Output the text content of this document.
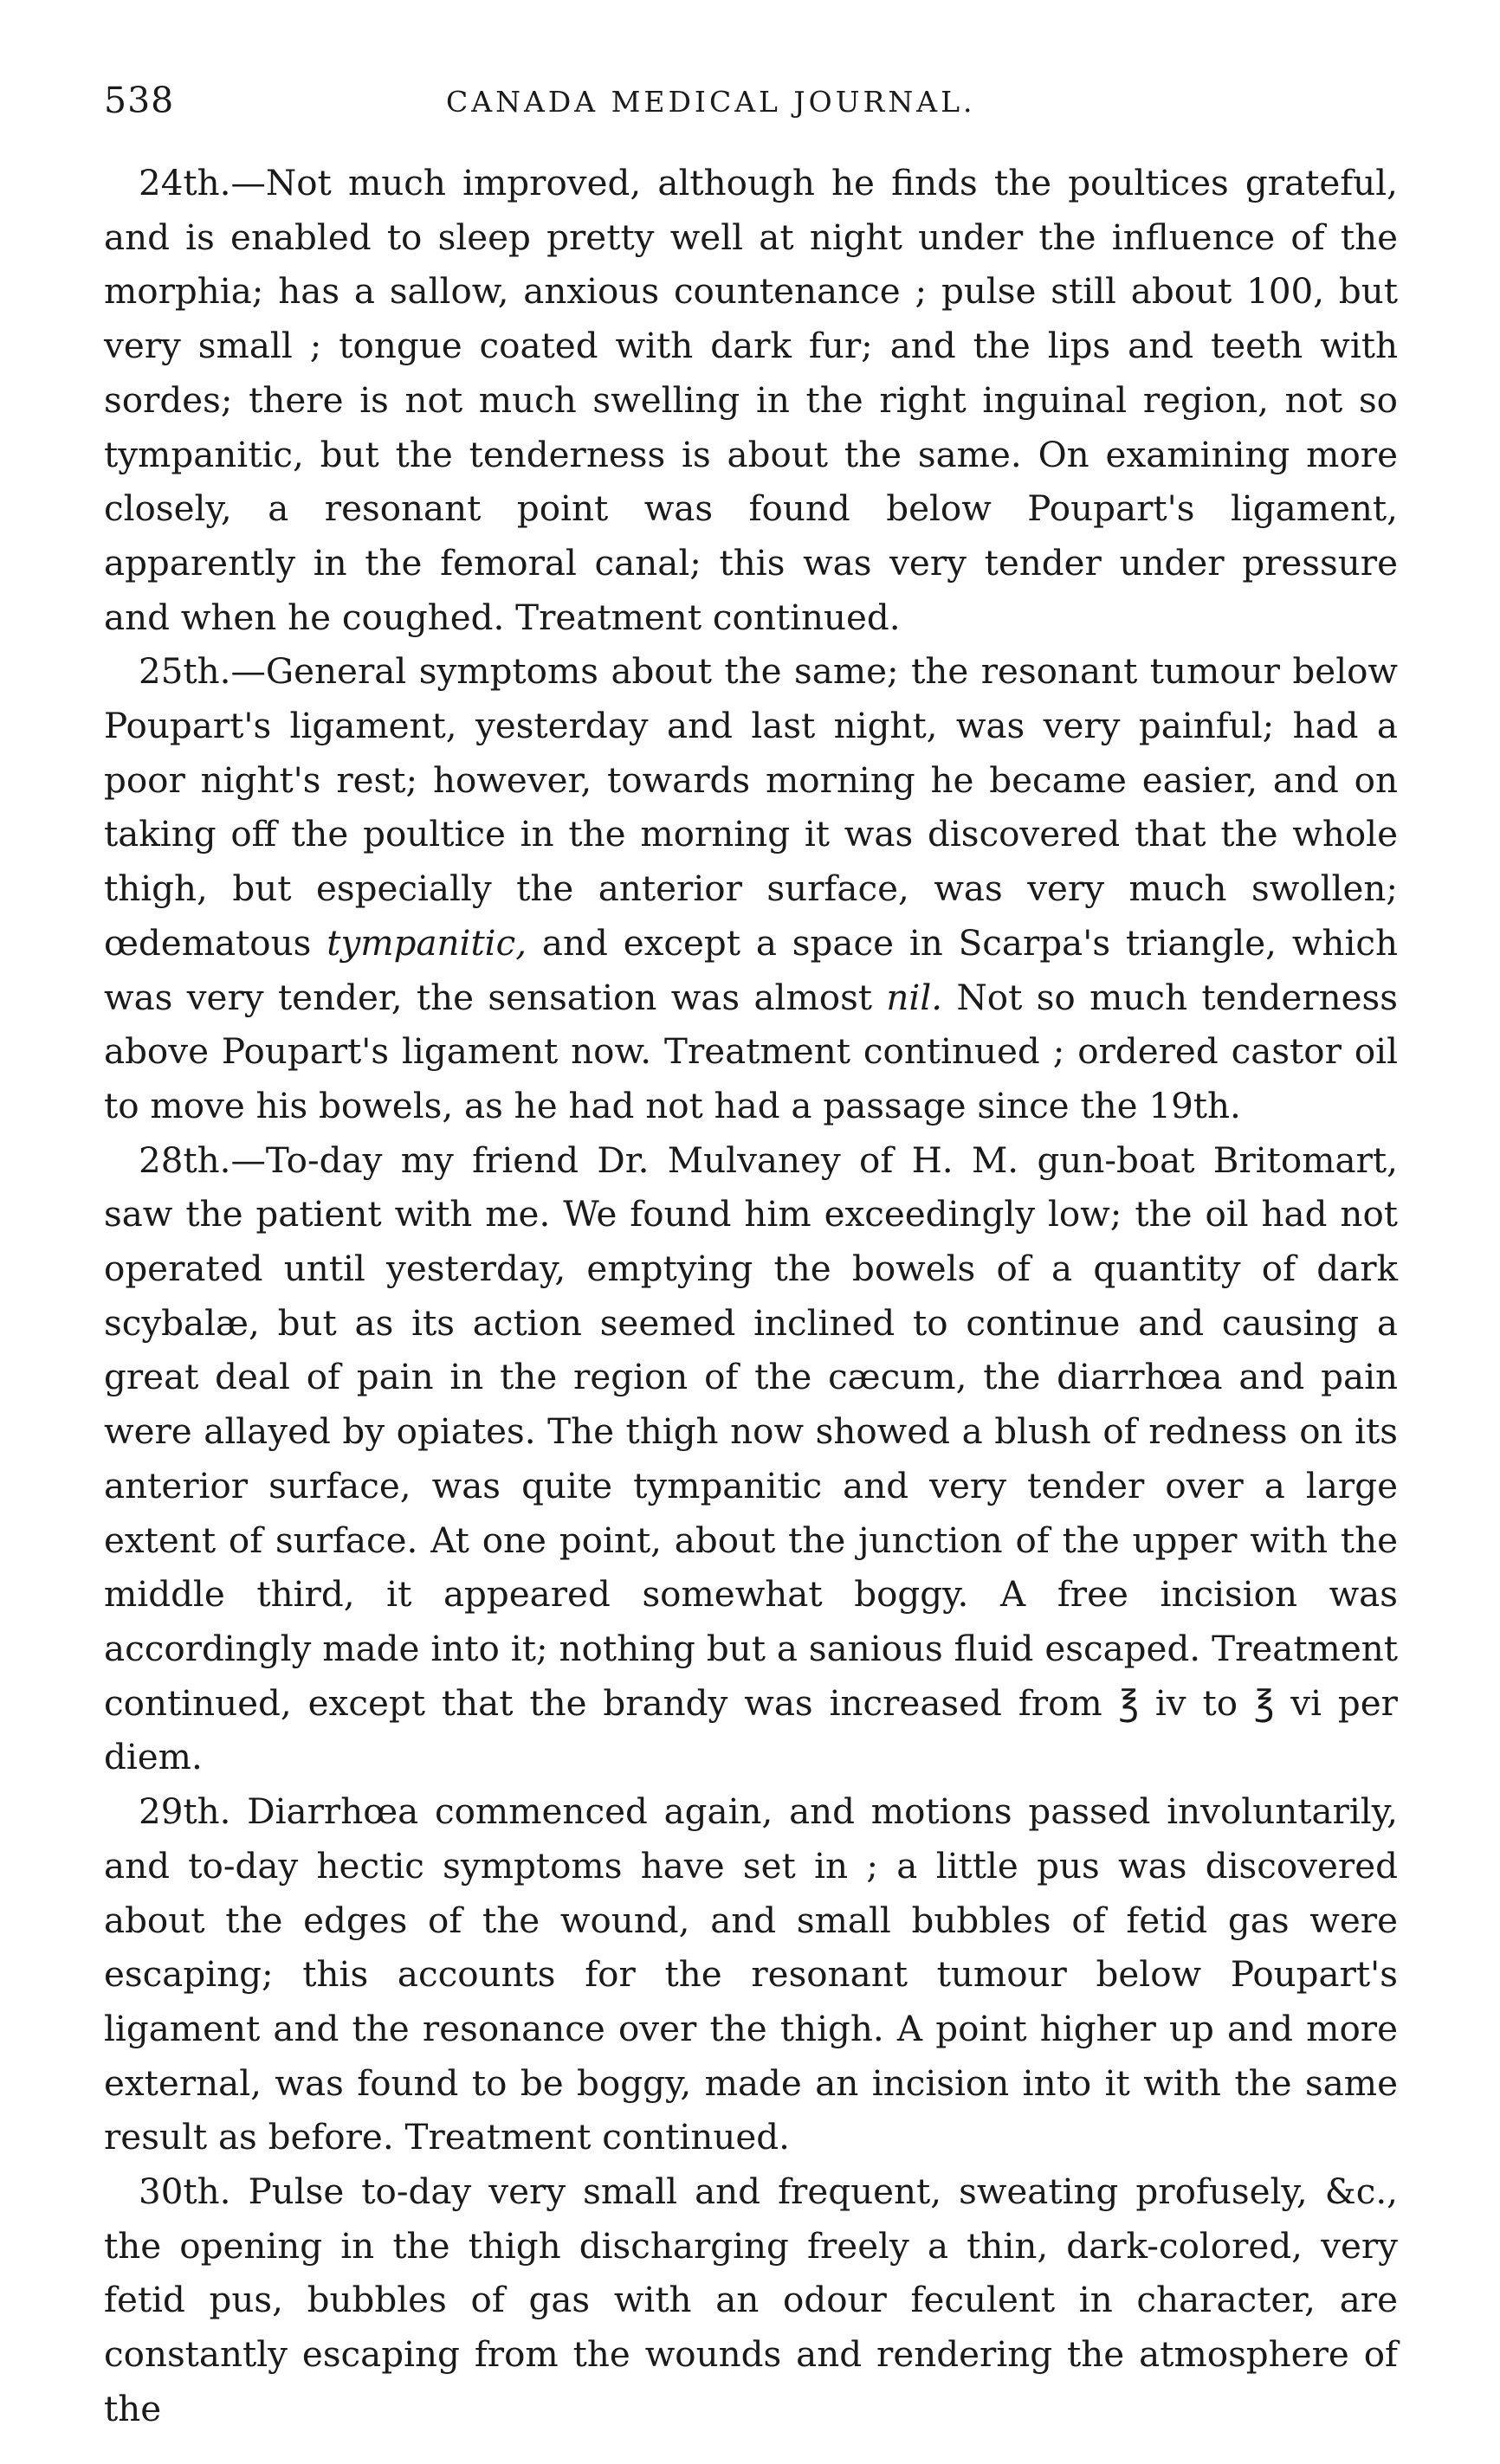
538	CANADA MEDICAL JOURNAL.

24th.—Not much improved, although he finds the poultices grateful, and is enabled to sleep pretty well at night under the influence of the morphia; has a sallow, anxious countenance ; pulse still about 100, but very small ; tongue coated with dark fur; and the lips and teeth with sordes; there is not much swelling in the right inguinal region, not so tympanitic, but the tenderness is about the same. On examining more closely, a resonant point was found below Poupart's ligament, apparently in the femoral canal; this was very tender under pressure and when he coughed. Treatment continued.

25th.—General symptoms about the same; the resonant tumour below Poupart's ligament, yesterday and last night, was very painful; had a poor night's rest; however, towards morning he became easier, and on taking off the poultice in the morning it was discovered that the whole thigh, but especially the anterior surface, was very much swollen; œdematous tympanitic, and except a space in Scarpa's triangle, which was very tender, the sensation was almost nil. Not so much tenderness above Poupart's ligament now. Treatment continued ; ordered castor oil to move his bowels, as he had not had a passage since the 19th.

28th.—To-day my friend Dr. Mulvaney of H. M. gun-boat Britomart, saw the patient with me. We found him exceedingly low; the oil had not operated until yesterday, emptying the bowels of a quantity of dark scybalæ, but as its action seemed inclined to continue and causing a great deal of pain in the region of the cæcum, the diarrhœa and pain were allayed by opiates. The thigh now showed a blush of redness on its anterior surface, was quite tympanitic and very tender over a large extent of surface. At one point, about the junction of the upper with the middle third, it appeared somewhat boggy. A free incision was accordingly made into it; nothing but a sanious fluid escaped. Treatment continued, except that the brandy was increased from ℥ iv to ℥ vi per diem.

29th. Diarrhœa commenced again, and motions passed involuntarily, and to-day hectic symptoms have set in ; a little pus was discovered about the edges of the wound, and small bubbles of fetid gas were escaping; this accounts for the resonant tumour below Poupart's ligament and the resonance over the thigh. A point higher up and more external, was found to be boggy, made an incision into it with the same result as before. Treatment continued.

30th. Pulse to-day very small and frequent, sweating profusely, &c., the opening in the thigh discharging freely a thin, dark-colored, very fetid pus, bubbles of gas with an odour feculent in character, are constantly escaping from the wounds and rendering the atmosphere of the
